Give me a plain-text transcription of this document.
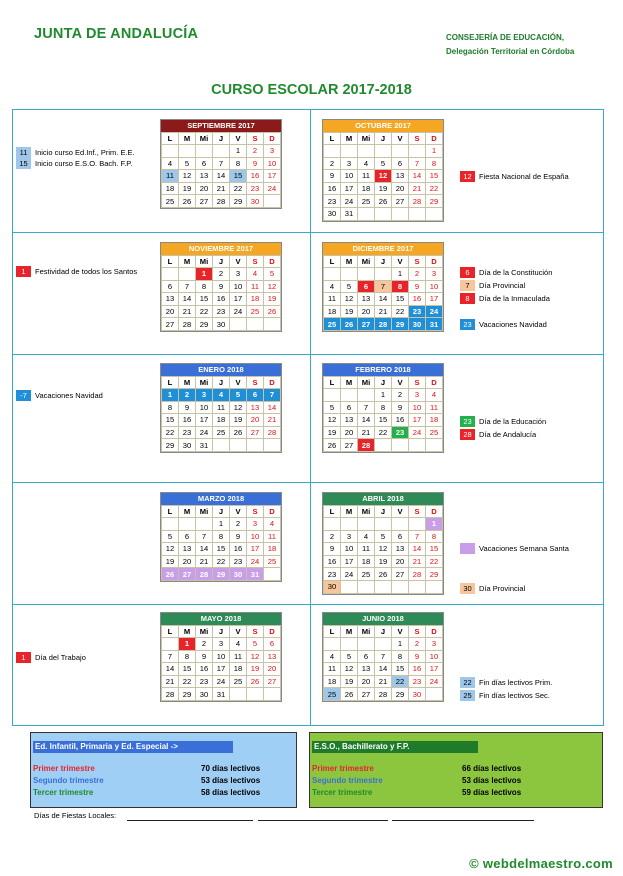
JUNTA DE ANDALUCÍA	CONSEJERÍA DE EDUCACIÓN,
Delegación Territorial en Córdoba
CURSO ESCOLAR 2017-2018
SEPTIEMBRE 2017
L	M	Mi	J	V	S	D
				1	2	3
4	5	6	7	8	9	10
11	12	13	14	15	16	17
18	19	20	21	22	23	24
25	26	27	28	29	30	
OCTUBRE 2017
L	M	Mi	J	V	S	D
						1
2	3	4	5	6	7	8
9	10	11	12	13	14	15
16	17	18	19	20	21	22
23	24	25	26	27	28	29
30	31					
NOVIEMBRE 2017
L	M	Mi	J	V	S	D
		1	2	3	4	5
6	7	8	9	10	11	12
13	14	15	16	17	18	19
20	21	22	23	24	25	26
27	28	29	30			
DICIEMBRE 2017
L	M	Mi	J	V	S	D
				1	2	3
4	5	6	7	8	9	10
11	12	13	14	15	16	17
18	19	20	21	22	23	24
25	26	27	28	29	30	31
ENERO 2018
L	M	Mi	J	V	S	D
1	2	3	4	5	6	7
8	9	10	11	12	13	14
15	16	17	18	19	20	21
22	23	24	25	26	27	28
29	30	31				
FEBRERO 2018
L	M	Mi	J	V	S	D
			1	2	3	4
5	6	7	8	9	10	11
12	13	14	15	16	17	18
19	20	21	22	23	24	25
26	27	28				
MARZO 2018
L	M	Mi	J	V	S	D
			1	2	3	4
5	6	7	8	9	10	11
12	13	14	15	16	17	18
19	20	21	22	23	24	25
26	27	28	29	30	31	
ABRIL 2018
L	M	Mi	J	V	S	D
						1
2	3	4	5	6	7	8
9	10	11	12	13	14	15
16	17	18	19	20	21	22
23	24	25	26	27	28	29
30						
MAYO 2018
L	M	Mi	J	V	S	D
	1	2	3	4	5	6
7	8	9	10	11	12	13
14	15	16	17	18	19	20
21	22	23	24	25	26	27
28	29	30	31			
JUNIO 2018
L	M	Mi	J	V	S	D
				1	2	3
4	5	6	7	8	9	10
11	12	13	14	15	16	17
18	19	20	21	22	23	24
25	26	27	28	29	30	
11	Inicio curso Ed.Inf., Prim. E.E.
15 Inicio curso E.S.O. Bach. F.P.
12 Fiesta Nacional de España
1	Festividad de todos los Santos	6	Día de la Constitución
7	Día Provincial
8	Día de la Inmaculada
23 Vacaciones Navidad
-7	Vacaciones Navidad
23 Día de la Educación
28 Día de Andalucía
Vacaciones Semana Santa
30 Día Provincial
1	Día del Trabajo
22 Fin días lectivos Prim.
25 Fin días lectivos Sec.
Ed. Infantil, Primaria y Ed. Especial ->
Primer trimestre	70 días lectivos
Segundo trimestre	53 días lectivos
Tercer trimestre	58 días lectivos
E.S.O., Bachillerato y F.P.
Primer trimestre	66 días lectivos
Segundo trimestre	53 días lectivos
Tercer trimestre	59 días lectivos
Días de Fiestas Locales:
© webdelmaestro.com
